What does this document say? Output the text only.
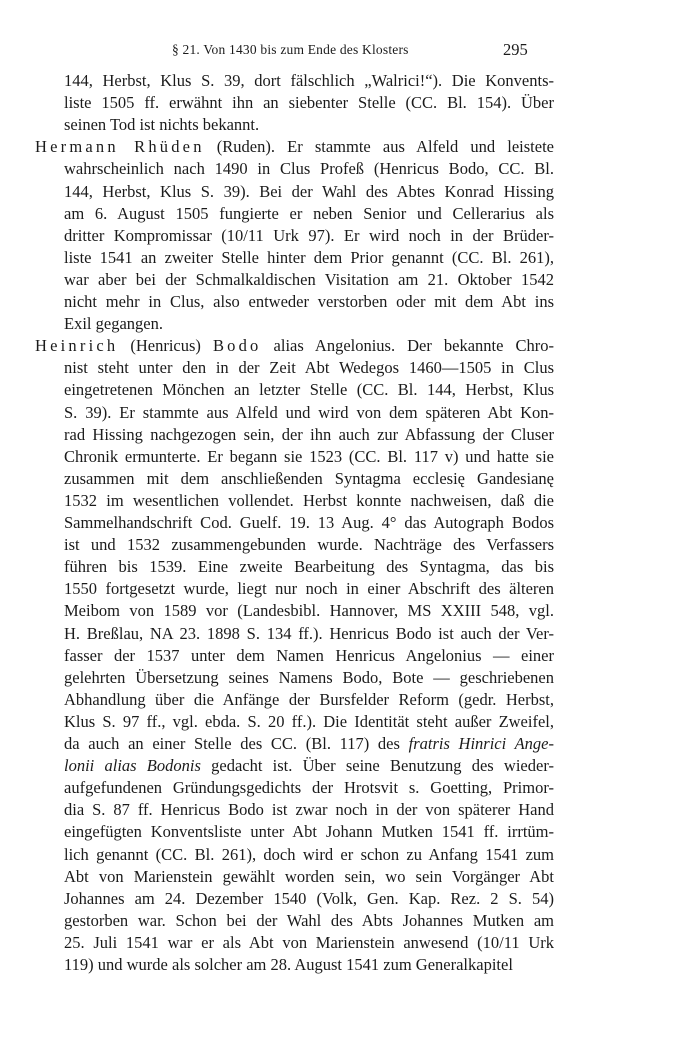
§ 21. Von 1430 bis zum Ende des Klosters	295
144, Herbst, Klus S. 39, dort fälschlich „Walrici!“). Die Konvents-
liste 1505 ff. erwähnt ihn an siebenter Stelle (CC. Bl. 154). Über
seinen Tod ist nichts bekannt.
Hermann Rhüden (Ruden). Er stammte aus Alfeld und leistete
wahrscheinlich nach 1490 in Clus Profeß (Henricus Bodo, CC. Bl.
144, Herbst, Klus S. 39). Bei der Wahl des Abtes Konrad Hissing
am 6. August 1505 fungierte er neben Senior und Cellerarius als
dritter Kompromissar (10/11 Urk 97). Er wird noch in der Brüder-
liste 1541 an zweiter Stelle hinter dem Prior genannt (CC. Bl. 261),
war aber bei der Schmalkaldischen Visitation am 21. Oktober 1542
nicht mehr in Clus, also entweder verstorben oder mit dem Abt ins
Exil gegangen.
Heinrich (Henricus) Bodo alias Angelonius. Der bekannte Chro-
nist steht unter den in der Zeit Abt Wedegos 1460—1505 in Clus
eingetretenen Mönchen an letzter Stelle (CC. Bl. 144, Herbst, Klus
S. 39). Er stammte aus Alfeld und wird von dem späteren Abt Kon-
rad Hissing nachgezogen sein, der ihn auch zur Abfassung der Cluser
Chronik ermunterte. Er begann sie 1523 (CC. Bl. 117 v) und hatte sie
zusammen mit dem anschließenden Syntagma ecclesię Gandesianę
1532 im wesentlichen vollendet. Herbst konnte nachweisen, daß die
Sammelhandschrift Cod. Guelf. 19. 13 Aug. 4° das Autograph Bodos
ist und 1532 zusammengebunden wurde. Nachträge des Verfassers
führen bis 1539. Eine zweite Bearbeitung des Syntagma, das bis
1550 fortgesetzt wurde, liegt nur noch in einer Abschrift des älteren
Meibom von 1589 vor (Landesbibl. Hannover, MS XXIII 548, vgl.
H. Breßlau, NA 23. 1898 S. 134 ff.). Henricus Bodo ist auch der Ver-
fasser der 1537 unter dem Namen Henricus Angelonius — einer
gelehrten Übersetzung seines Namens Bodo, Bote — geschriebenen
Abhandlung über die Anfänge der Bursfelder Reform (gedr. Herbst,
Klus S. 97 ff., vgl. ebda. S. 20 ff.). Die Identität steht außer Zweifel,
da auch an einer Stelle des CC. (Bl. 117) des fratris Hinrici Ange-
lonii alias Bodonis gedacht ist. Über seine Benutzung des wieder-
aufgefundenen Gründungsgedichts der Hrotsvit s. Goetting, Primor-
dia S. 87 ff. Henricus Bodo ist zwar noch in der von späterer Hand
eingefügten Konventsliste unter Abt Johann Mutken 1541 ff. irrtüm-
lich genannt (CC. Bl. 261), doch wird er schon zu Anfang 1541 zum
Abt von Marienstein gewählt worden sein, wo sein Vorgänger Abt
Johannes am 24. Dezember 1540 (Volk, Gen. Kap. Rez. 2 S. 54)
gestorben war. Schon bei der Wahl des Abts Johannes Mutken am
25. Juli 1541 war er als Abt von Marienstein anwesend (10/11 Urk
119) und wurde als solcher am 28. August 1541 zum Generalkapitel
